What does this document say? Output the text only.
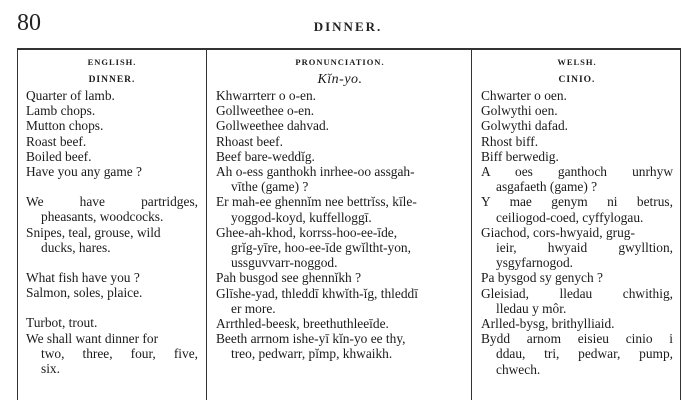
80	DINNER.
ENGLISH.
DINNER.
Quarter of lamb.
Lamb chops.
Mutton chops.
Roast beef.
Boiled beef.
Have you any game ?
We have partridges,
pheasants, woodcocks.
Snipes, teal, grouse, wild
ducks, hares.
What fish have you ?
Salmon, soles, plaice.
Turbot, trout.
We shall want dinner for
two, three, four, five,
six.
PRONUNCIATION.
Kĭn-yo.
Khwarrterr o o-en.
Gollweethee o-en.
Gollweethee dahvad.
Rhoast beef.
Beef bare-weddĭg.
Ah o-ess ganthokh inrhee-oo assgah-
vīthe (game) ?
Er mah-ee ghennĭm nee bettrĭss, kīle-
yoggod-koyd, kuffelloggī.
Ghee-ah-khod, korrss-hoo-ee-īde,
grĭg-yīre, hoo-ee-īde gwĭltht-yon,
ussguvvarr-noggod.
Pah busgod see ghennĭkh ?
Glīshe-yad, thleddī khwĭth-ĭg, thleddī
er more.
Arrthled-beesk, breethuthleeīde.
Beeth arrnom ishe-yī kĭn-yo ee thy,
treo, pedwarr, pĭmp, khwaikh.
WELSH.
CINIO.
Chwarter o oen.
Golwythi oen.
Golwythi dafad.
Rhost biff.
Biff berwedig.
A oes ganthoch unrhyw
asgafaeth (game) ?
Y mae genym ni betrus,
ceiliogod-coed, cyffylogau.
Giachod, cors-hwyaid, grug-
ieir, hwyaid gwylltion,
ysgyfarnogod.
Pa bysgod sy genych ?
Gleisiad, lledau chwithig,
lledau y môr.
Arlled-bysg, brithylliaid.
Bydd arnom eisieu cinio i
ddau, tri, pedwar, pump,
chwech.
